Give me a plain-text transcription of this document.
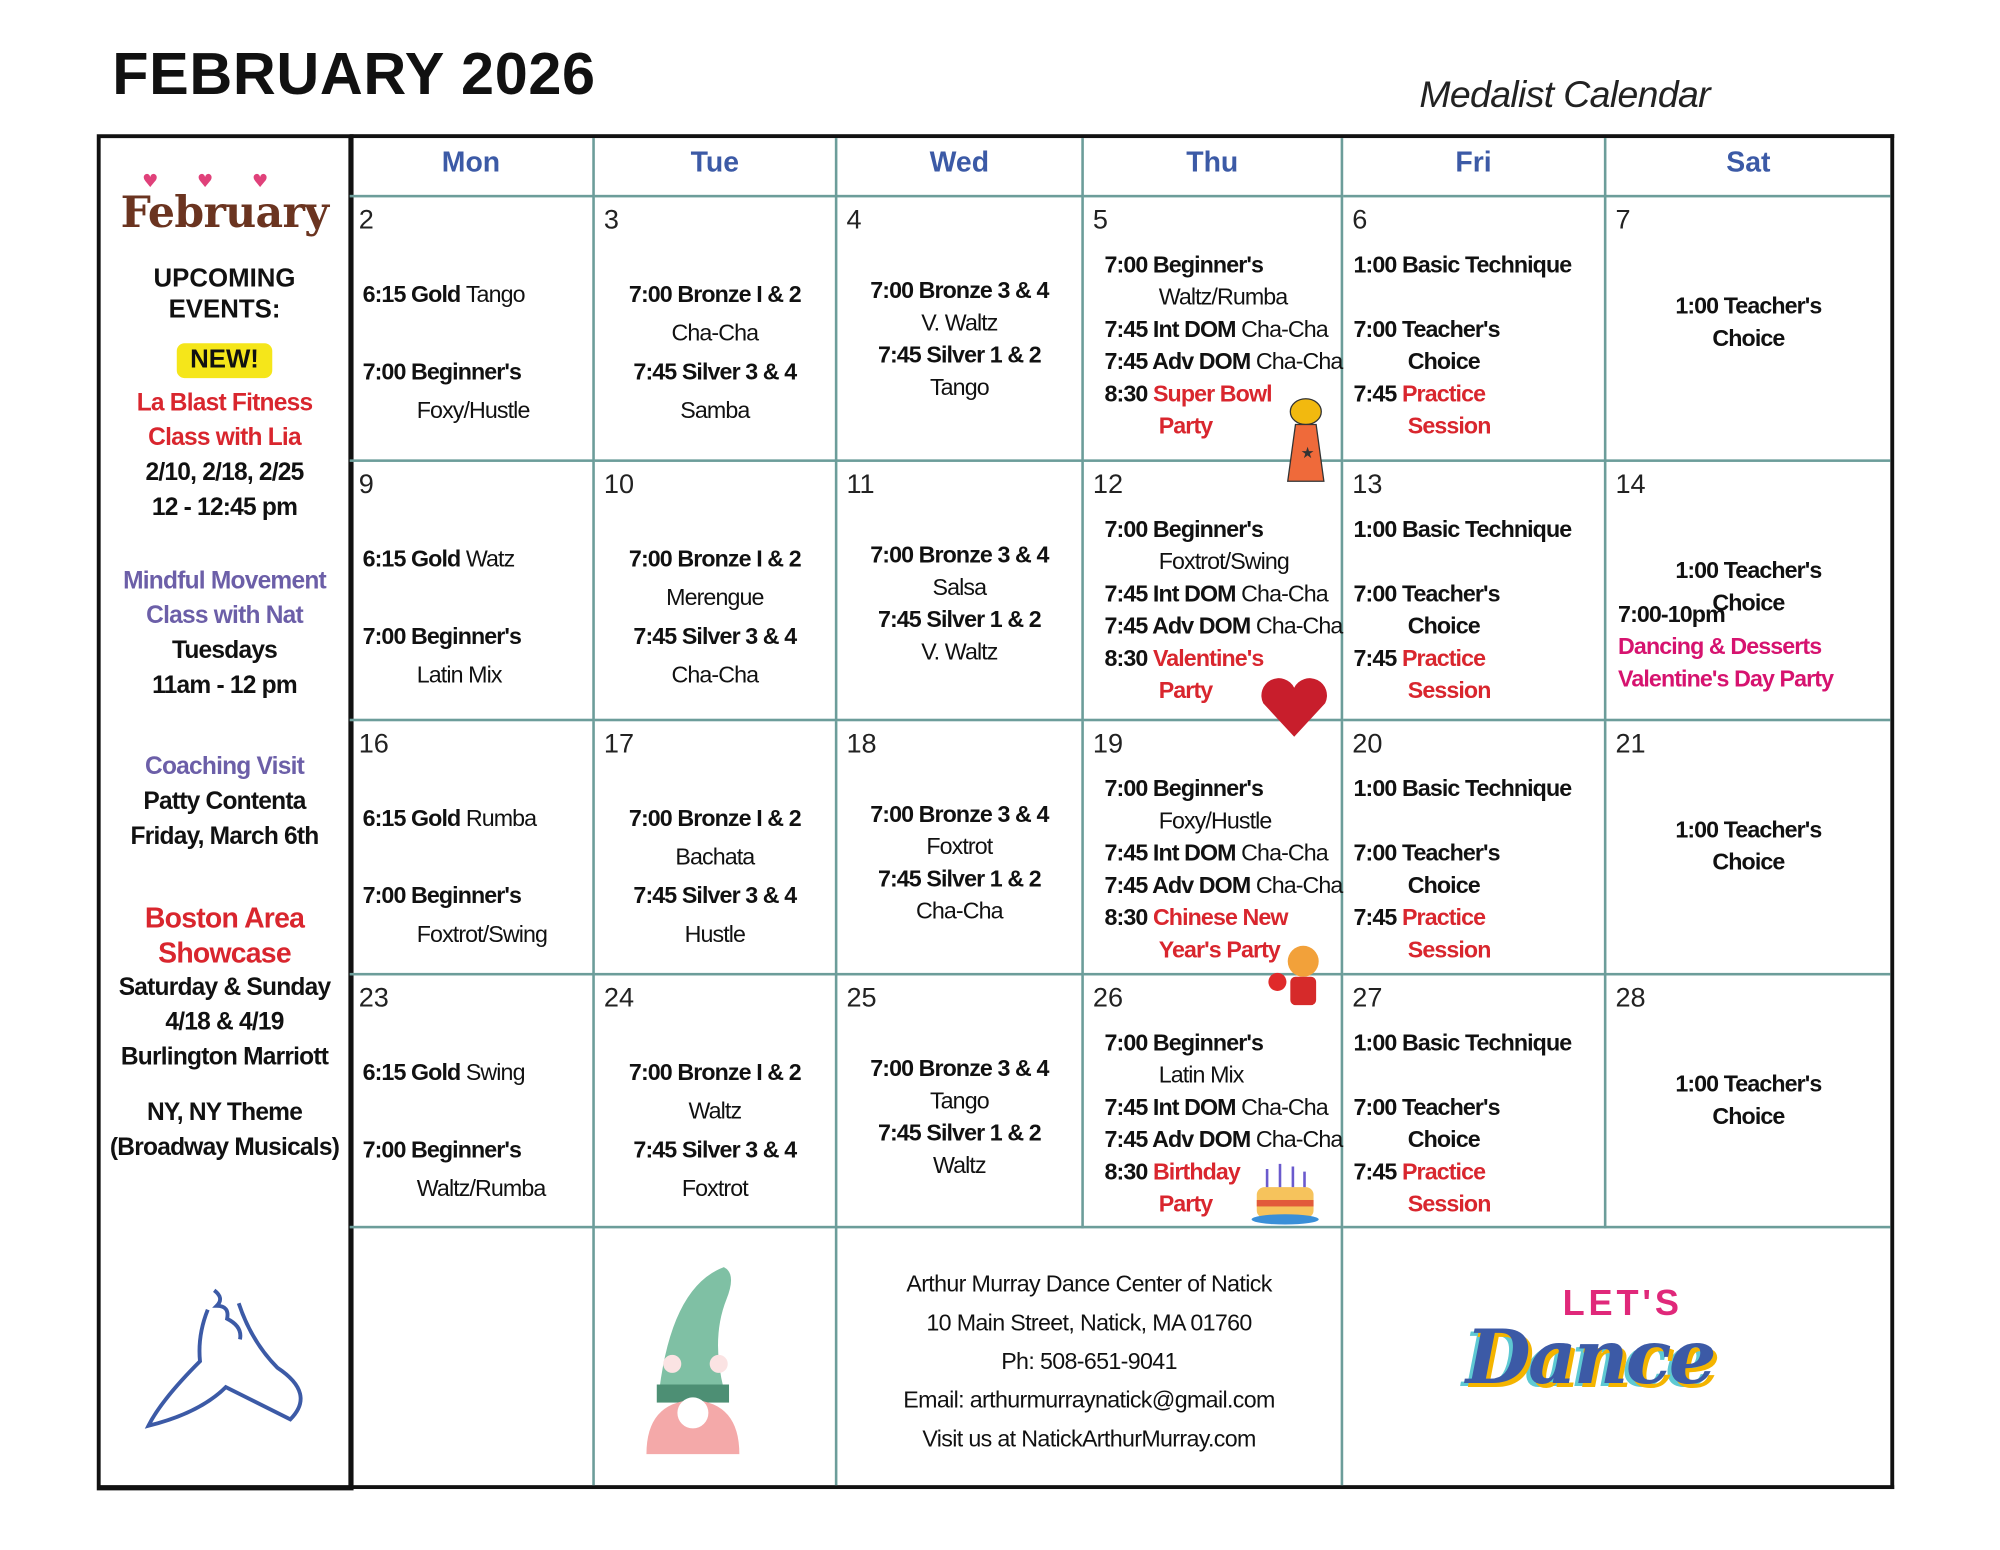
FEBRUARY 2026	Medalist Calendar
♥♥♥
February
UPCOMING EVENTS:
NEW!
La Blast Fitness
Class with Lia
2/10, 2/18, 2/25
12 - 12:45 pm
Mindful Movement
Class with Nat
Tuesdays
11am - 12 pm
Coaching Visit
Patty Contenta
Friday, March 6th
Boston Area
Showcase
Saturday & Sunday
4/18 & 4/19
Burlington Marriott
NY, NY Theme
(Broadway Musicals)
Mon	Tue	Wed	Thu	Fri	Sat
2
6:15 Gold Tango
7:00 Beginner's
Foxy/Hustle
3
7:00 Bronze I & 2
Cha-Cha
7:45 Silver 3 & 4
Samba
4
7:00 Bronze 3 & 4
V. Waltz
7:45 Silver 1 & 2
Tango
5
7:00 Beginner's
Waltz/Rumba
7:45 Int DOM Cha-Cha
7:45 Adv DOM Cha-Cha
8:30 Super Bowl
Party
★
6
1:00 Basic Technique
7:00 Teacher's
Choice
7:45 Practice
Session
7
1:00 Teacher's
Choice
9
6:15 Gold Watz
7:00 Beginner's
Latin Mix
10
7:00 Bronze I & 2
Merengue
7:45 Silver 3 & 4
Cha-Cha
11
7:00 Bronze 3 & 4
Salsa
7:45 Silver 1 & 2
V. Waltz
12
7:00 Beginner's
Foxtrot/Swing
7:45 Int DOM Cha-Cha
7:45 Adv DOM Cha-Cha
8:30 Valentine's
Party
13
1:00 Basic Technique
7:00 Teacher's
Choice
7:45 Practice
Session
14
1:00 Teacher's
Choice
7:00-10pm
Dancing & Desserts
Valentine's Day Party
16
6:15 Gold Rumba
7:00 Beginner's
Foxtrot/Swing
17
7:00 Bronze I & 2
Bachata
7:45 Silver 3 & 4
Hustle
18
7:00 Bronze 3 & 4
Foxtrot
7:45 Silver 1 & 2
Cha-Cha
19
7:00 Beginner's
Foxy/Hustle
7:45 Int DOM Cha-Cha
7:45 Adv DOM Cha-Cha
8:30 Chinese New
Year's Party
20
1:00 Basic Technique
7:00 Teacher's
Choice
7:45 Practice
Session
21
1:00 Teacher's
Choice
23
6:15 Gold Swing
7:00 Beginner's
Waltz/Rumba
24
7:00 Bronze I & 2
Waltz
7:45 Silver 3 & 4
Foxtrot
25
7:00 Bronze 3 & 4
Tango
7:45 Silver 1 & 2
Waltz
26
7:00 Beginner's
Latin Mix
7:45 Int DOM Cha-Cha
7:45 Adv DOM Cha-Cha
8:30 Birthday
Party
27
1:00 Basic Technique
7:00 Teacher's
Choice
7:45 Practice
Session
28
1:00 Teacher's
Choice
Arthur Murray Dance Center of Natick
10 Main Street, Natick, MA 01760
Ph: 508-651-9041
Email: arthurmurraynatick@gmail.com
Visit us at NatickArthurMurray.com
LET'S
Dance
